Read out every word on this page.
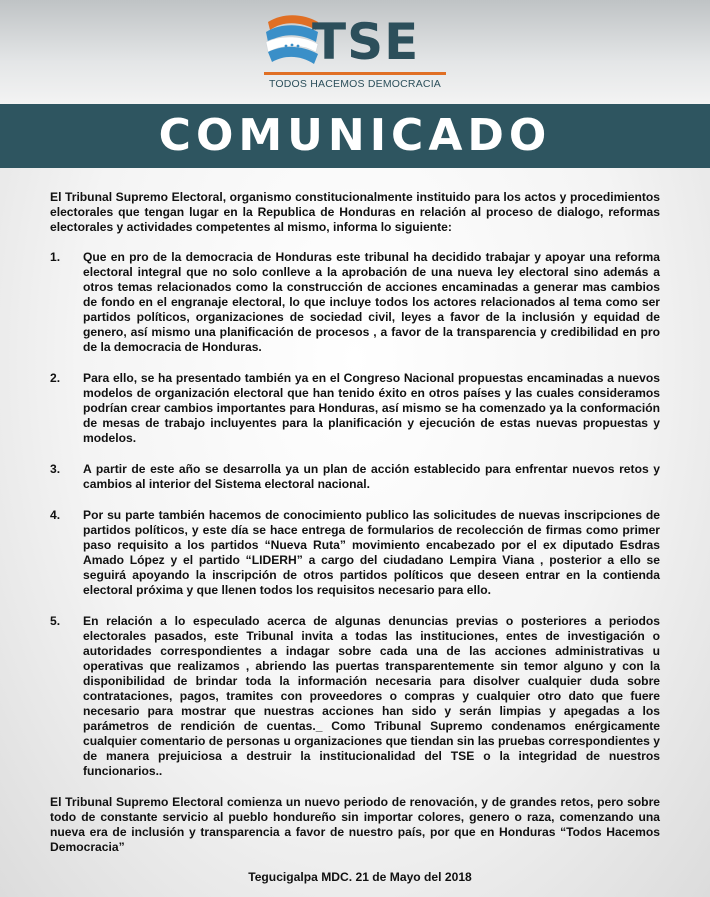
TSE
TODOS HACEMOS DEMOCRACIA
COMUNICADO

El Tribunal Supremo Electoral, organismo constitucionalmente instituido para los actos y procedimientos electorales que tengan lugar en la Republica de Honduras en relación al proceso de dialogo, reformas electorales y actividades competentes al mismo, informa lo siguiente:

1. Que en pro de la democracia de Honduras este tribunal ha decidido trabajar y apoyar una reforma electoral integral que no solo conlleve a la aprobación de una nueva ley electoral sino además a otros temas relacionados como la construcción de acciones encaminadas a generar mas cambios de fondo en el engranaje electoral, lo que incluye todos los actores relacionados al tema como ser partidos políticos, organizaciones de sociedad civil, leyes a favor de la inclusión y equidad de genero, así mismo una planificación de procesos , a favor de la transparencia y credibilidad en pro de la democracia de Honduras.
2. Para ello, se ha presentado también ya en el Congreso Nacional propuestas encaminadas a nuevos modelos de organización electoral que han tenido éxito en otros países y las cuales consideramos podrían crear cambios importantes para Honduras, así mismo se ha comenzado ya la conformación de mesas de trabajo incluyentes para la planificación y ejecución de estas nuevas propuestas y modelos.
3. A partir de este año se desarrolla ya un plan de acción establecido para enfrentar nuevos retos y cambios al interior del Sistema electoral nacional.
4. Por su parte también hacemos de conocimiento publico las solicitudes de nuevas inscripciones de partidos políticos, y este día se hace entrega de formularios de recolección de firmas como primer paso requisito a los partidos “Nueva Ruta” movimiento encabezado por el ex diputado Esdras Amado López y el partido “LIDERH” a cargo del ciudadano Lempira Viana , posterior a ello se seguirá apoyando la inscripción de otros partidos políticos que deseen entrar en la contienda electoral próxima y que llenen todos los requisitos necesario para ello.
5. En relación a lo especulado acerca de algunas denuncias previas o posteriores a periodos electorales pasados, este Tribunal invita a todas las instituciones, entes de investigación o autoridades correspondientes a indagar sobre cada una de las acciones administrativas u operativas que realizamos , abriendo las puertas transparentemente sin temor alguno y con la disponibilidad de brindar toda la información necesaria para disolver cualquier duda sobre contrataciones, pagos, tramites con proveedores o compras y cualquier otro dato que fuere necesario para mostrar que nuestras acciones han sido y serán limpias y apegadas a los parámetros de rendición de cuentas._ Como Tribunal Supremo condenamos enérgicamente cualquier comentario de personas u organizaciones que tiendan sin las pruebas correspondientes y de manera prejuiciosa a destruir la institucionalidad del TSE o la integridad de nuestros funcionarios..

El Tribunal Supremo Electoral comienza un nuevo periodo de renovación, y de grandes retos, pero sobre todo de constante servicio al pueblo hondureño sin importar colores, genero o raza, comenzando una nueva era de inclusión y transparencia a favor de nuestro país, por que en Honduras “Todos Hacemos Democracia”

Tegucigalpa MDC. 21 de Mayo del 2018
